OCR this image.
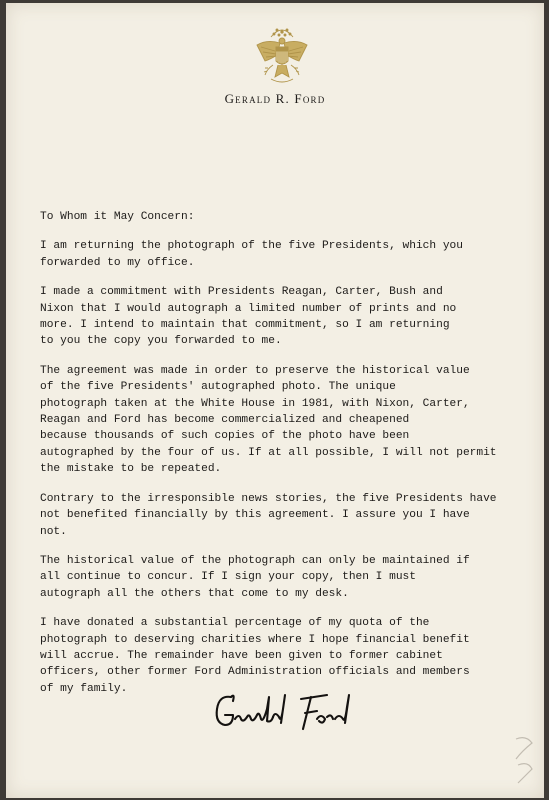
Gerald R. Ford

To Whom it May Concern:

I am returning the photograph of the five Presidents, which you
forwarded to my office.

I made a commitment with Presidents Reagan, Carter, Bush and
Nixon that I would autograph a limited number of prints and no
more. I intend to maintain that commitment, so I am returning
to you the copy you forwarded to me.

The agreement was made in order to preserve the historical value
of the five Presidents' autographed photo. The unique
photograph taken at the White House in 1981, with Nixon, Carter,
Reagan and Ford has become commercialized and cheapened
because thousands of such copies of the photo have been
autographed by the four of us. If at all possible, I will not permit
the mistake to be repeated.

Contrary to the irresponsible news stories, the five Presidents have
not benefited financially by this agreement. I assure you I have
not.

The historical value of the photograph can only be maintained if
all continue to concur. If I sign your copy, then I must
autograph all the others that come to my desk.

I have donated a substantial percentage of my quota of the
photograph to deserving charities where I hope financial benefit
will accrue. The remainder have been given to former cabinet
officers, other former Ford Administration officials and members
of my family.
